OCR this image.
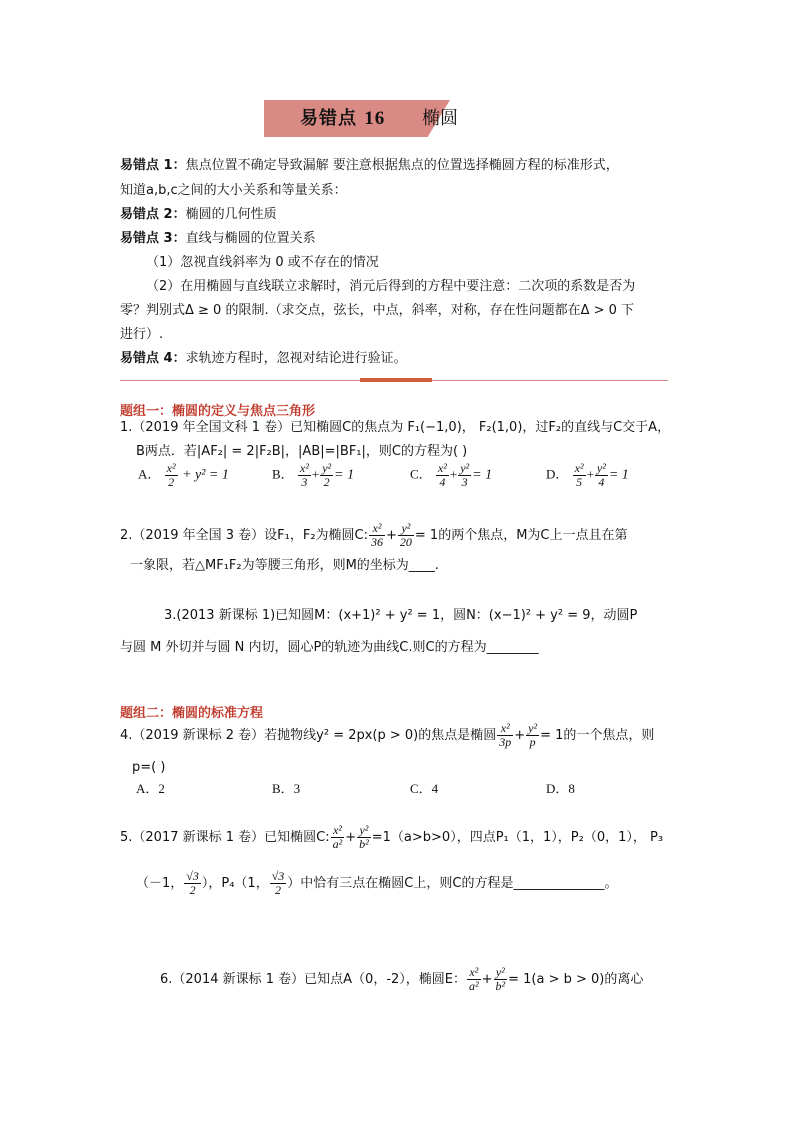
易错点 16 椭圆
易错点 1：焦点位置不确定导致漏解 要注意根据焦点的位置选择椭圆方程的标准形式，
知道a,b,c之间的大小关系和等量关系：
易错点 2：椭圆的几何性质
易错点 3：直线与椭圆的位置关系
（1）忽视直线斜率为 0 或不存在的情况
（2）在用椭圆与直线联立求解时，消元后得到的方程中要注意：二次项的系数是否为
零？判别式Δ ≥ 0 的限制.（求交点，弦长，中点，斜率，对称，存在性问题都在Δ > 0 下
进行）.
易错点 4：求轨迹方程时，忽视对结论进行验证。
题组一：椭圆的定义与焦点三角形
1.（2019 年全国文科 1 卷）已知椭圆C的焦点为 F₁(−1,0)， F₂(1,0)，过F₂的直线与C交于A，
B两点．若|AF₂| = 2|F₂B|，|AB|=|BF₁|，则C的方程为( )
A． $\frac{\text{x²}}{2} + y^2 = 1$	B． $\frac{\text{x²}}{3} + \frac{\text{y²}}{2} = 1$	C． $\frac{\text{x²}}{4} + \frac{\text{y²}}{3} = 1$	D． $\frac{\text{x²}}{5} + \frac{\text{y²}}{4} = 1$
2.（2019 年全国 3 卷）设F₁，F₂为椭圆C: $\frac{\text{x²}}{36} + \frac{\text{y²}}{20} = 1$的两个焦点，M为C上一点且在第
一象限，若△MF₁F₂为等腰三角形，则M的坐标为____.
3.(2013 新课标 1)已知圆M：(x+1)² + y² = 1，圆N：(x−1)² + y² = 9，动圆P
与圆 M 外切并与圆 N 内切，圆心P的轨迹为曲线C.则C的方程为________
题组二：椭圆的标准方程
4.（2019 新课标 2 卷）若抛物线y² = 2px(p > 0)的焦点是椭圆 $\frac{\text{x²}}{3p} + \frac{\text{y²}}{p} = 1$的一个焦点，则
p=( )
A．2	B．3	C．4	D．8
5.（2017 新课标 1 卷）已知椭圆C: $\frac{\text{x²}}{\text{a²}} + \frac{\text{y²}}{\text{b²}} =1(a>b>0)$，四点P₁（1，1），P₂（0，1）， P₃
（－1， $\frac{√3}{2}$ ），P₄（1， $\frac{√3}{2}$ ）中恰有三点在椭圆C上，则C的方程是______________。
6.（2014 新课标 1 卷）已知点A（0，-2），椭圆E： $\frac{\text{x²}}{\text{a²}} + \frac{\text{y²}}{\text{b²}} = 1(a > b > 0)$的离心
